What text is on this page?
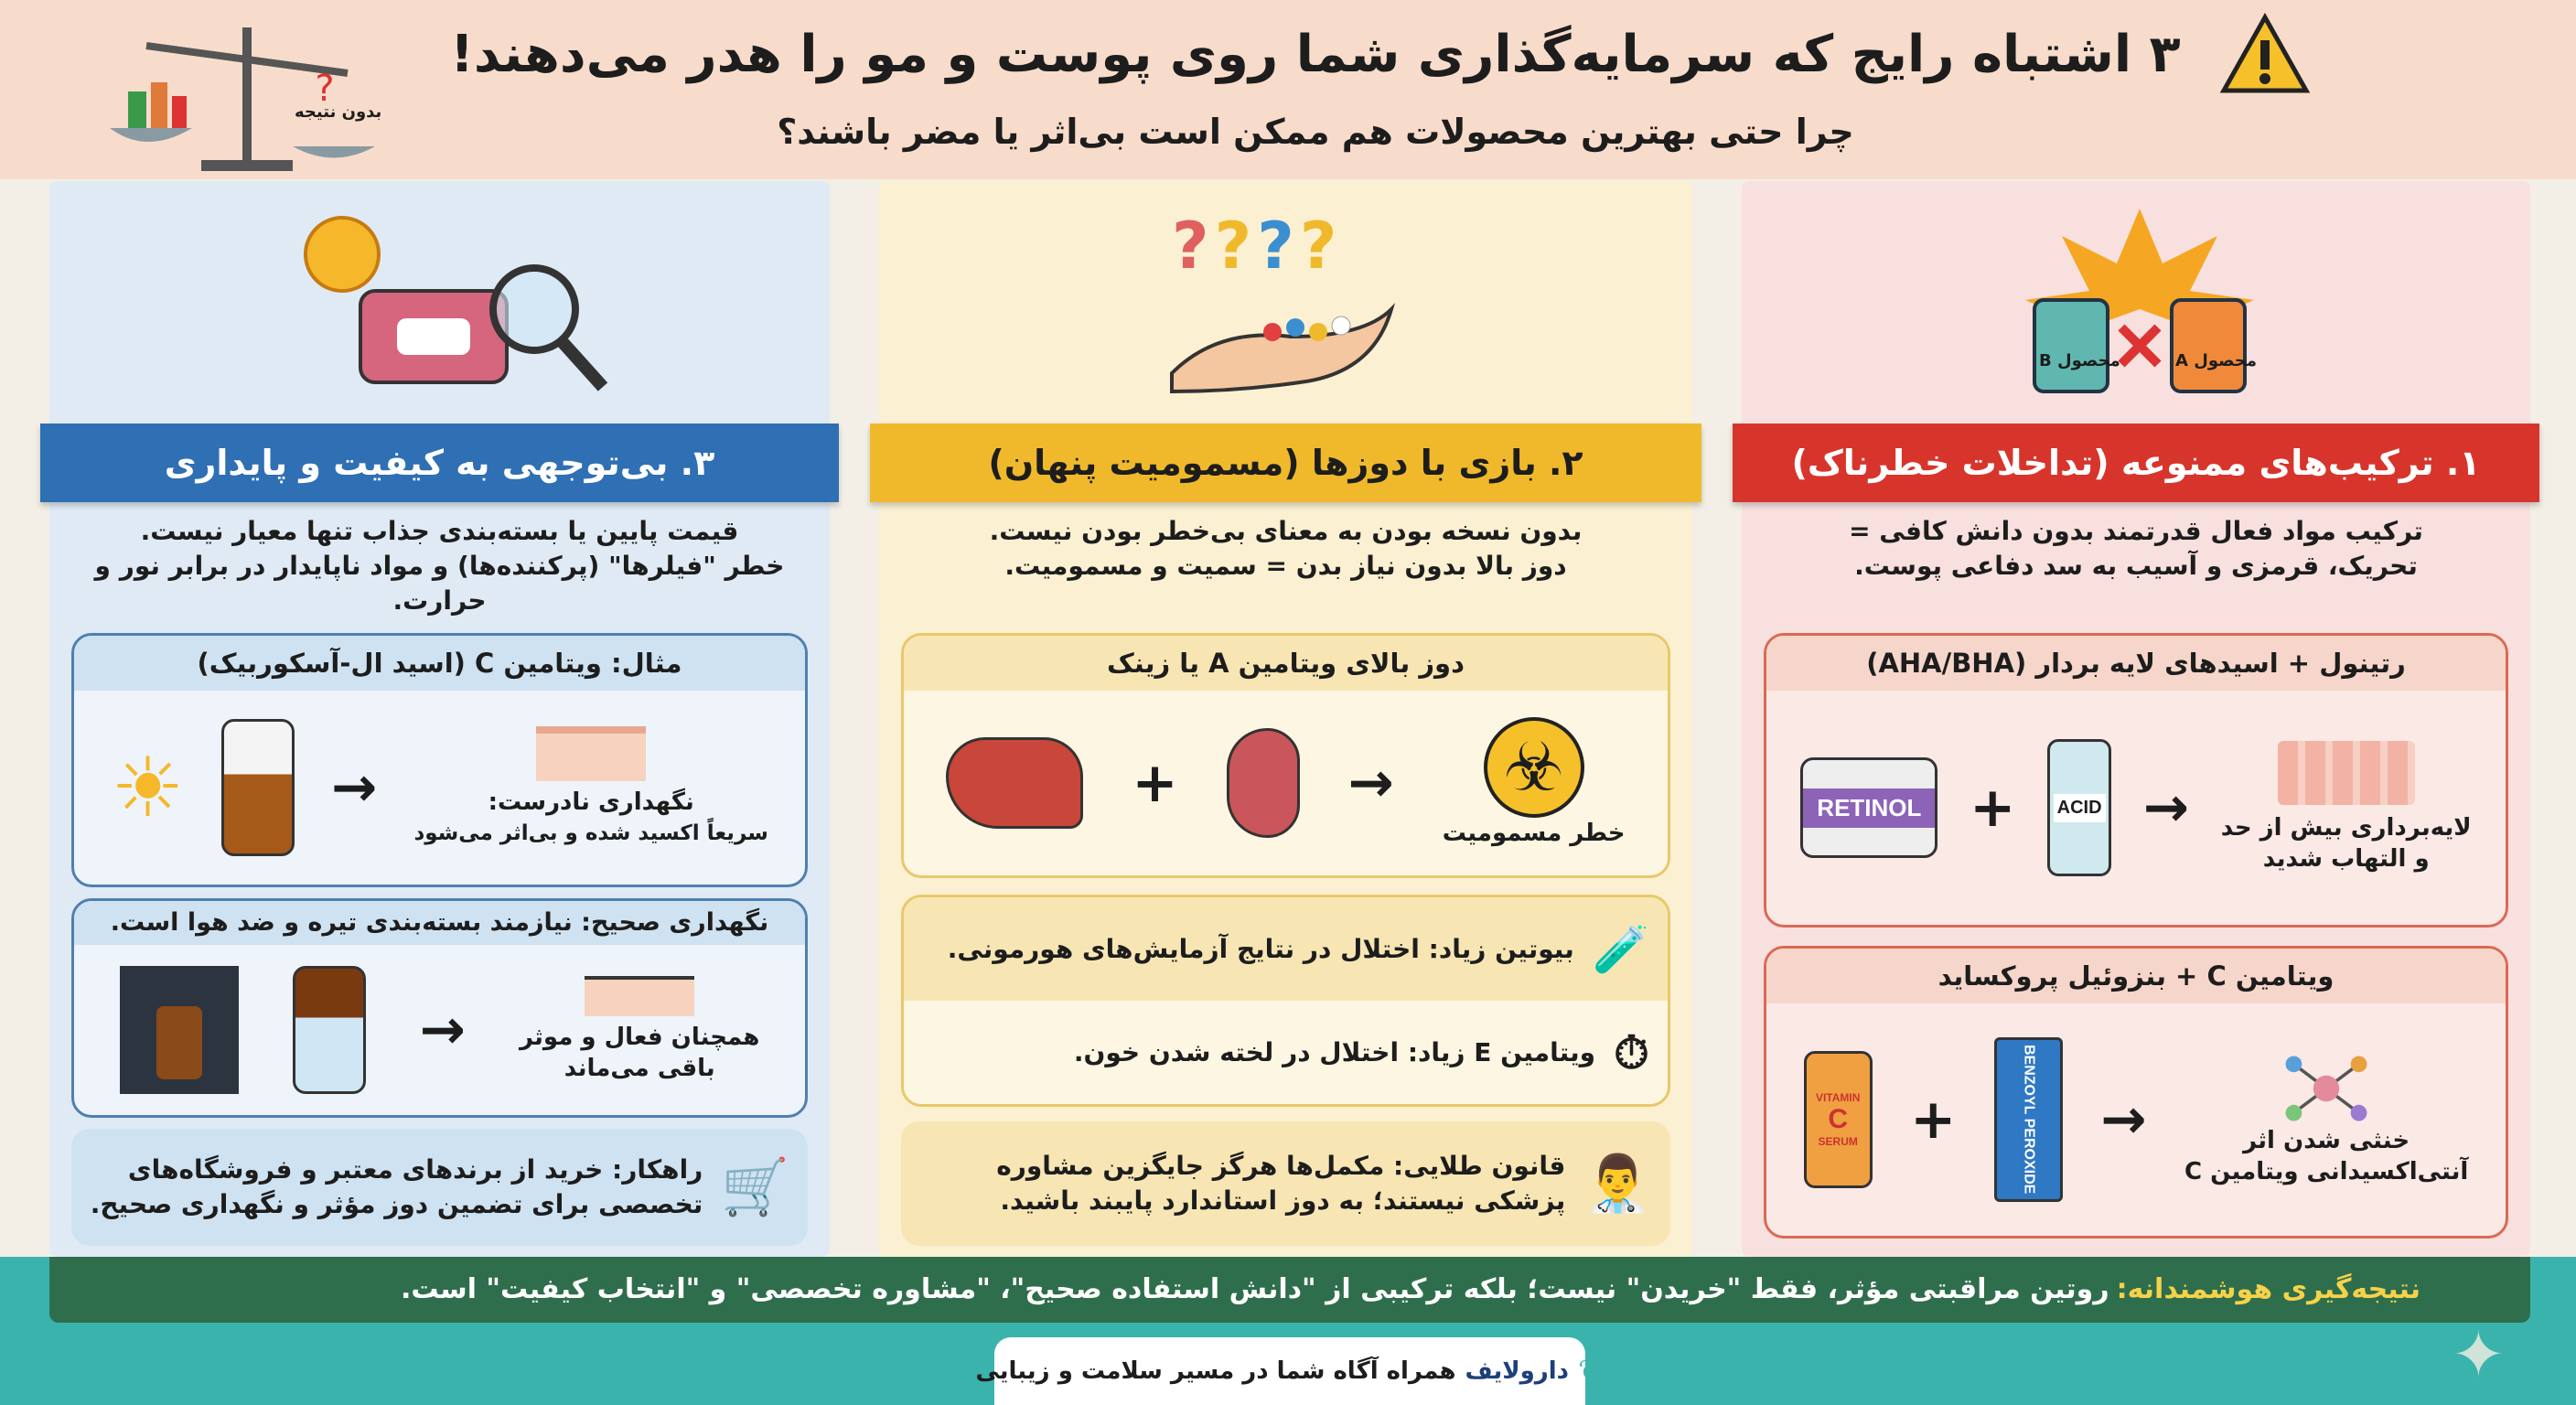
?
بدون نتیجه
۳ اشتباه رایج که سرمایه‌گذاری شما روی پوست و مو را هدر می‌دهند!
چرا حتی بهترین محصولات هم ممکن است بی‌اثر یا مضر باشند؟
محصول B	محصول A
۱. ترکیب‌های ممنوعه (تداخلات خطرناک)
ترکیب مواد فعال قدرتمند بدون دانش کافی =
تحریک، قرمزی و آسیب به سد دفاعی پوست.
رتینول + اسیدهای لایه بردار (AHA/BHA)
RETINOL + ACID → لایه‌برداری بیش از حد
و التهاب شدید
ویتامین C + بنزوئیل پروکساید
VITAMIN
C
SERUM +	BENZOYL PEROXIDE	→	خنثی شدن اثر
آنتی‌اکسیدانی ویتامین C
????
۲. بازی با دوزها (مسمومیت پنهان)
بدون نسخه بودن به معنای بی‌خطر بودن نیست.
دوز بالا بدون نیاز بدن = سمیت و مسمومیت.
دوز بالای ویتامین A یا زینک
+	→ ☣
خطر مسمومیت
🧪
بیوتین زیاد: اختلال در نتایج آزمایش‌های هورمونی.
⏱
ویتامین E زیاد: اختلال در لخته شدن خون.
👨‍⚕️
قانون طلایی: مکمل‌ها هرگز جایگزین مشاوره پزشکی نیستند؛ به دوز استاندارد پایبند باشید.
۳. بی‌توجهی به کیفیت و پایداری
قیمت پایین یا بسته‌بندی جذاب تنها معیار نیست.
خطر "فیلرها" (پرکننده‌ها) و مواد ناپایدار در برابر نور و حرارت.
مثال: ویتامین C (اسید ال-آسکوربیک)
☀	→	نگهداری نادرست:
سریعاً اکسید شده و بی‌اثر می‌شود
نگهداری صحیح: نیازمند بسته‌بندی تیره و ضد هوا است.
→ همچنان فعال و موثر
باقی می‌ماند
🛒
راهکار: خرید از برندهای معتبر و فروشگاه‌های تخصصی برای تضمین دوز مؤثر و نگهداری صحیح.
نتیجه‌گیری هوشمندانه:
روتین مراقبتی مؤثر، فقط "خریدن" نیست؛ بلکه ترکیبی از "دانش استفاده صحیح"، "مشاوره تخصصی" و "انتخاب کیفیت" است.
✦
❦
دارولایف
همراه آگاه شما در مسیر سلامت و زیبایی
